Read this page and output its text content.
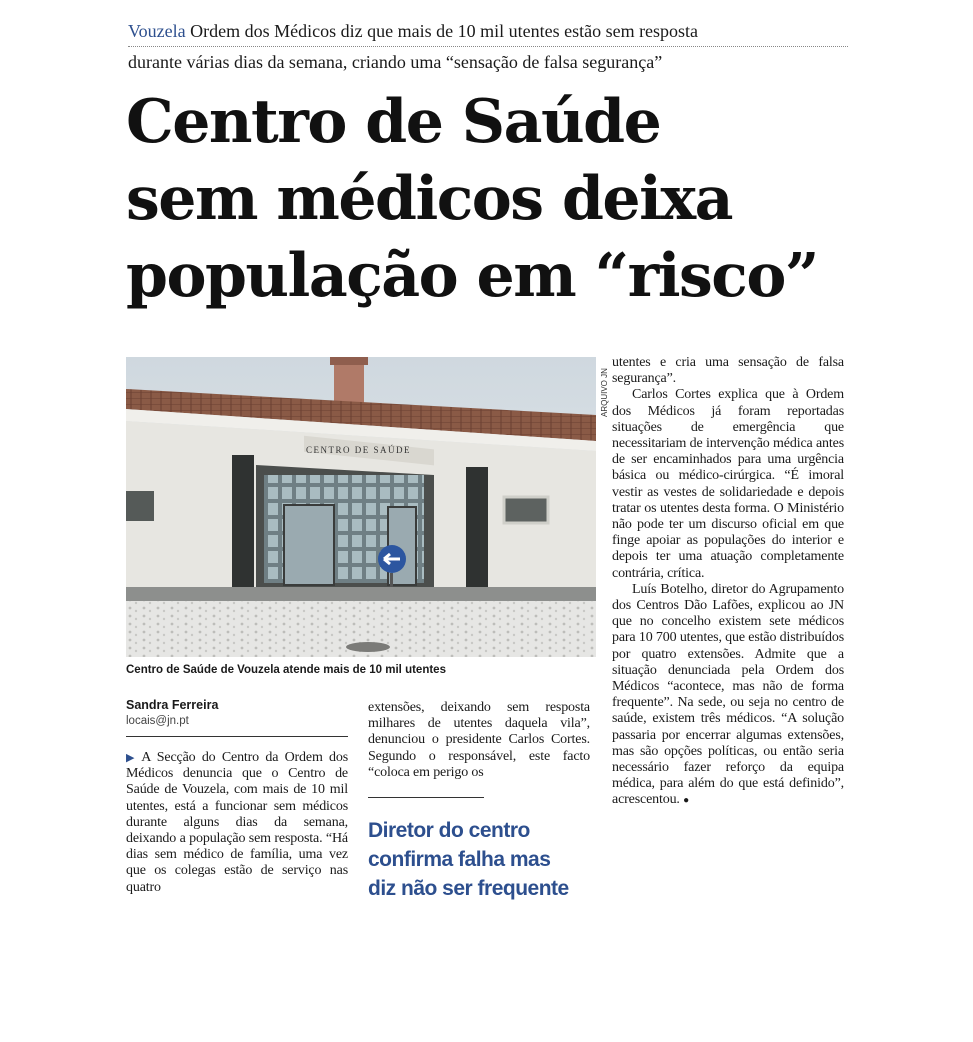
Vouzela Ordem dos Médicos diz que mais de 10 mil utentes estão sem resposta
durante várias dias da semana, criando uma “sensação de falsa segurança”
Centro de Saúde
sem médicos deixa
população em “risco”
CENTRO DE SAÚDE
ARQUIVO JN
Centro de Saúde de Vouzela atende mais de 10 mil utentes
Sandra Ferreira
locais@jn.pt

▶ A Secção do Centro da Ordem dos Médicos denuncia que o Centro de Saúde de Vouzela, com mais de 10 mil utentes, está a funcionar sem médicos durante alguns dias da semana, deixando a população sem resposta. “Há dias sem médico de família, uma vez que os colegas estão de serviço nas quatro

extensões, deixando sem resposta milhares de utentes daquela vila”, denunciou o presidente Carlos Cortes. Segundo o responsável, este facto “coloca em perigo os

Diretor do centro
confirma falha mas
diz não ser frequente

utentes e cria uma sensação de falsa segurança”.

Carlos Cortes explica que à Ordem dos Médicos já foram reportadas situações de emergência que necessitariam de intervenção médica antes de ser encaminhados para uma urgência básica ou médico-cirúrgica. “É imoral vestir as vestes de solidariedade e depois tratar os utentes desta forma. O Ministério não pode ter um discurso oficial em que finge apoiar as populações do interior e depois ter uma atuação completamente contrária, crítica.

Luís Botelho, diretor do Agrupamento dos Centros Dão Lafões, explicou ao JN que no concelho existem sete médicos para 10 700 utentes, que estão distribuídos por quatro extensões. Admite que a situação denunciada pela Ordem dos Médicos “acontece, mas não de forma frequente”. Na sede, ou seja no centro de saúde, existem três médicos. “A solução passaria por encerrar algumas extensões, mas são opções políticas, ou então seria necessário fazer reforço da equipa médica, para além do que está definido”, acrescentou. ●
